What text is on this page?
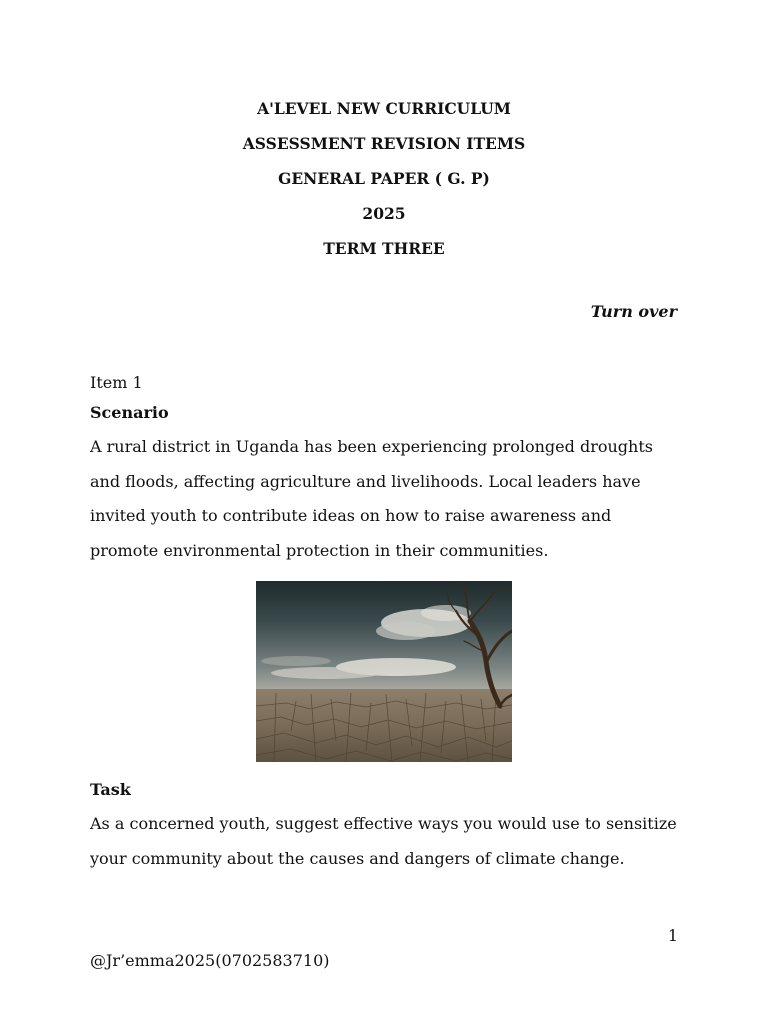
A'LEVEL NEW CURRICULUM
ASSESSMENT REVISION ITEMS
GENERAL PAPER ( G. P)
2025
TERM THREE
Turn over
Item 1
Scenario

A rural district in Uganda has been experiencing prolonged droughts

and floods, affecting agriculture and livelihoods. Local leaders have

invited youth to contribute ideas on how to raise awareness and

promote environmental protection in their communities.

Task

As a concerned youth, suggest effective ways you would use to sensitize

your community about the causes and dangers of climate change.

1
@Jr’emma2025(0702583710)
